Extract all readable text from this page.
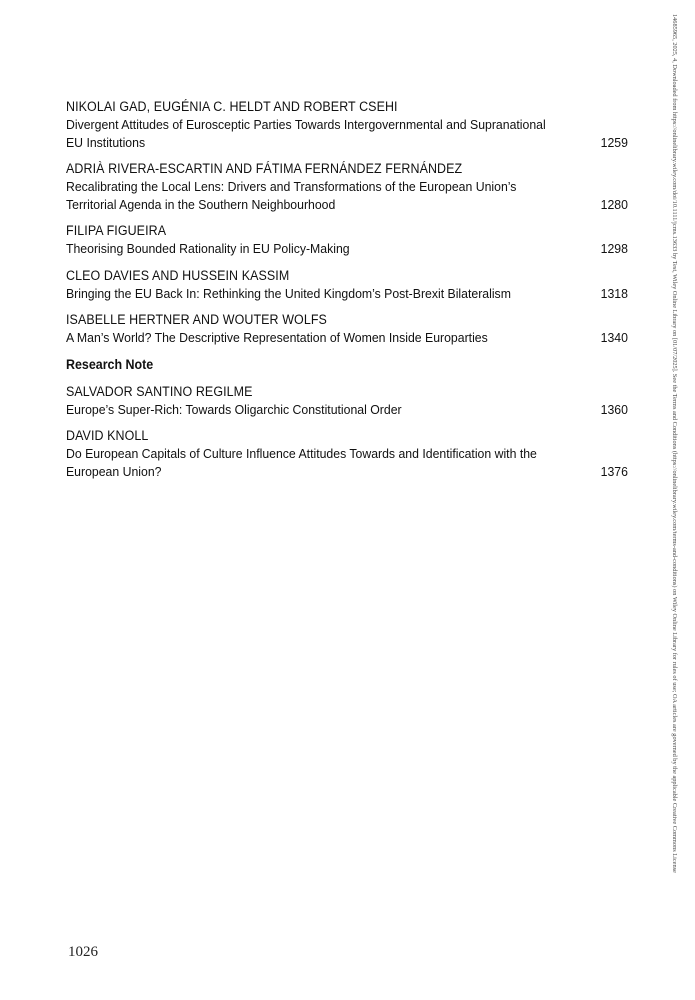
NIKOLAI GAD, EUGÉNIA C. HELDT AND ROBERT CSEHI
Divergent Attitudes of Eurosceptic Parties Towards Intergovernmental and Supranational EU Institutions	1259
ADRIÀ RIVERA-ESCARTIN AND FÁTIMA FERNÁNDEZ FERNÁNDEZ
Recalibrating the Local Lens: Drivers and Transformations of the European Union’s Territorial Agenda in the Southern Neighbourhood	1280
FILIPA FIGUEIRA
Theorising Bounded Rationality in EU Policy-Making	1298
CLEO DAVIES AND HUSSEIN KASSIM
Bringing the EU Back In: Rethinking the United Kingdom’s Post-Brexit Bilateralism	1318
ISABELLE HERTNER AND WOUTER WOLFS
A Man’s World? The Descriptive Representation of Women Inside Europarties	1340
Research Note
SALVADOR SANTINO REGILME
Europe’s Super-Rich: Towards Oligarchic Constitutional Order	1360
DAVID KNOLL
Do European Capitals of Culture Influence Attitudes Towards and Identification with the European Union?	1376
1026
14685965, 2025, 4, Downloaded from https://onlinelibrary.wiley.com/doi/10.1111/jcms.13633 by Test, Wiley Online Library on [01/07/2025]. See the Terms and Conditions (https://onlinelibrary.wiley.com/terms-and-conditions) on Wiley Online Library for rules of use; OA articles are governed by the applicable Creative Commons License
